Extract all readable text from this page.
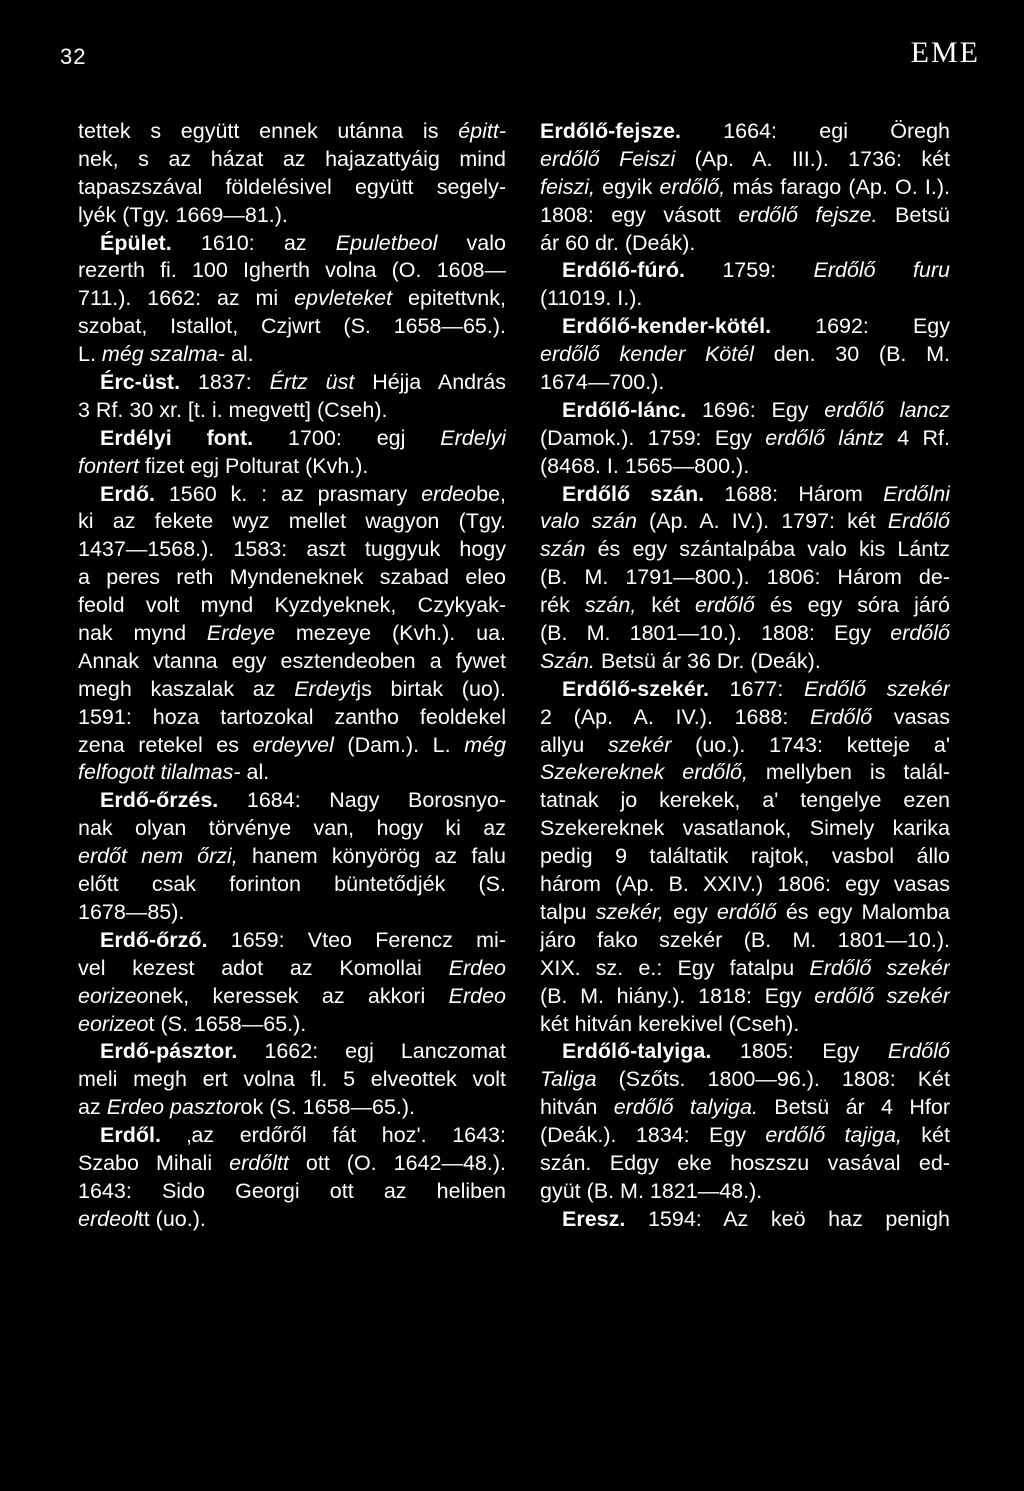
32	EME
tettek s együtt ennek utánna is épitt-
nek, s az házat az hajazattyáig mind
tapaszszával földelésivel együtt segely-
lyék (Tgy. 1669—81.).
Épület. 1610: az Epuletbeol valo
rezerth fi. 100 Igherth volna (O. 1608—
711.). 1662: az mi epvleteket epitettvnk,
szobat, Istallot, Czjwrt (S. 1658—65.).
L. még szalma- al.
Érc-üst. 1837: Értz üst Héjja András
3 Rf. 30 xr. [t. i. megvett] (Cseh).
Erdélyi font. 1700: egj Erdelyi
fontert fizet egj Polturat (Kvh.).
Erdő. 1560 k. : az prasmary erdeobe,
ki az fekete wyz mellet wagyon (Tgy.
1437—1568.). 1583: aszt tuggyuk hogy
a peres reth Myndeneknek szabad eleo
feold volt mynd Kyzdyeknek, Czykyak-
nak mynd Erdeye mezeye (Kvh.). ua.
Annak vtanna egy esztendeoben a fywet
megh kaszalak az Erdeytjs birtak (uo).
1591: hoza tartozokal zantho feoldekel
zena retekel es erdeyvel (Dam.). L. még
felfogott tilalmas- al.
Erdő-őrzés. 1684: Nagy Borosnyo-
nak olyan törvénye van, hogy ki az
erdőt nem őrzi, hanem könyörög az falu
előtt csak forinton büntetődjék (S.
1678—85).
Erdő-őrző. 1659: Vteo Ferencz mi-
vel kezest adot az Komollai Erdeo
eorizeonek, keressek az akkori Erdeo
eorizeot (S. 1658—65.).
Erdő-pásztor. 1662: egj Lanczomat
meli megh ert volna fl. 5 elveottek volt
az Erdeo pasztorok (S. 1658—65.).
Erdől. ‚az erdőről fát hoz'. 1643:
Szabo Mihali erdőltt ott (O. 1642—48.).
1643: Sido Georgi ott az heliben
erdeoltt (uo.).
Erdőlő-fejsze. 1664: egi Öregh
erdőlő Feiszi (Ap. A. III.). 1736: két
feiszi, egyik erdőlő, más farago (Ap. O. I.).
1808: egy vásott erdőlő fejsze. Betsü
ár 60 dr. (Deák).
Erdőlő-fúró. 1759: Erdőlő furu
(11019. I.).
Erdőlő-kender-kötél. 1692: Egy
erdőlő kender Kötél den. 30 (B. M.
1674—700.).
Erdőlő-lánc. 1696: Egy erdőlő lancz
(Damok.). 1759: Egy erdőlő lántz 4 Rf.
(8468. I. 1565—800.).
Erdőlő szán. 1688: Három Erdőlni
valo szán (Ap. A. IV.). 1797: két Erdőlő
szán és egy szántalpába valo kis Lántz
(B. M. 1791—800.). 1806: Három de-
rék szán, két erdőlő és egy sóra járó
(B. M. 1801—10.). 1808: Egy erdőlő
Szán. Betsü ár 36 Dr. (Deák).
Erdőlő-szekér. 1677: Erdőlő szekér
2 (Ap. A. IV.). 1688: Erdőlő vasas
allyu szekér (uo.). 1743: ketteje a'
Szekereknek erdőlő, mellyben is talál-
tatnak jo kerekek, a' tengelye ezen
Szekereknek vasatlanok, Simely karika
pedig 9 találtatik rajtok, vasbol állo
három (Ap. B. XXIV.) 1806: egy vasas
talpu szekér, egy erdőlő és egy Malomba
járo fako szekér (B. M. 1801—10.).
XIX. sz. e.: Egy fatalpu Erdőlő szekér
(B. M. hiány.). 1818: Egy erdőlő szekér
két hitván kerekivel (Cseh).
Erdőlő-talyiga. 1805: Egy Erdőlő
Taliga (Szőts. 1800—96.). 1808: Két
hitván erdőlő talyiga. Betsü ár 4 Hfor
(Deák.). 1834: Egy erdőlő tajiga, két
szán. Edgy eke hoszszu vasával ed-
gyüt (B. M. 1821—48.).
Eresz. 1594: Az keö haz penigh
